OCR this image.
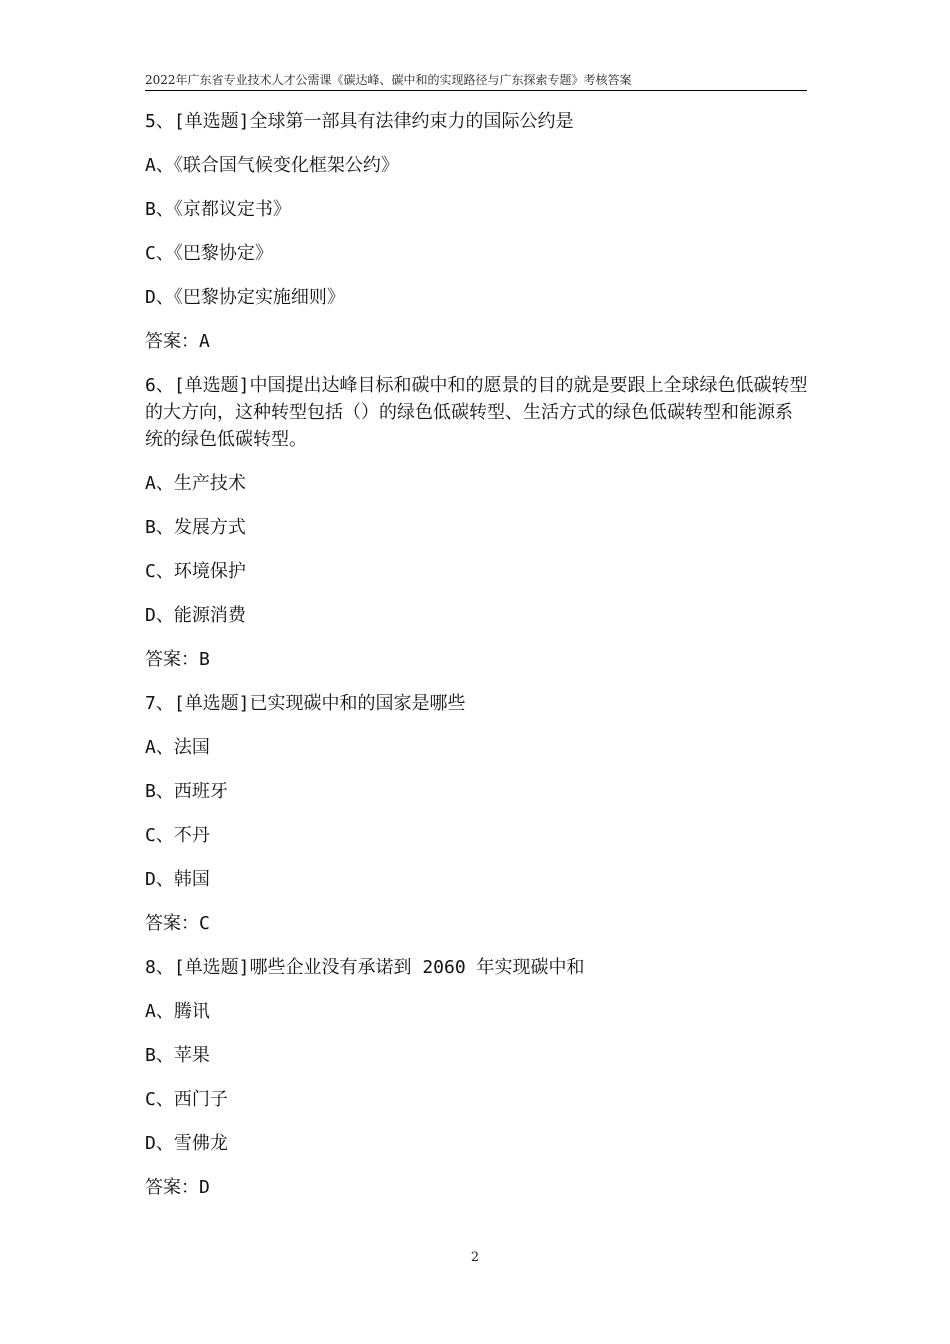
2022年广东省专业技术人才公需课《碳达峰、碳中和的实现路径与广东探索专题》考核答案
5、[单选题]全球第一部具有法律约束力的国际公约是
A、《联合国气候变化框架公约》
B、《京都议定书》
C、《巴黎协定》
D、《巴黎协定实施细则》
答案：A
6、[单选题]中国提出达峰目标和碳中和的愿景的目的就是要跟上全球绿色低碳转型的大方向，这种转型包括（）的绿色低碳转型、生活方式的绿色低碳转型和能源系统的绿色低碳转型。
A、生产技术
B、发展方式
C、环境保护
D、能源消费
答案：B
7、[单选题]已实现碳中和的国家是哪些
A、法国
B、西班牙
C、不丹
D、韩国
答案：C
8、[单选题]哪些企业没有承诺到 2060 年实现碳中和
A、腾讯
B、苹果
C、西门子
D、雪佛龙
答案：D
2
